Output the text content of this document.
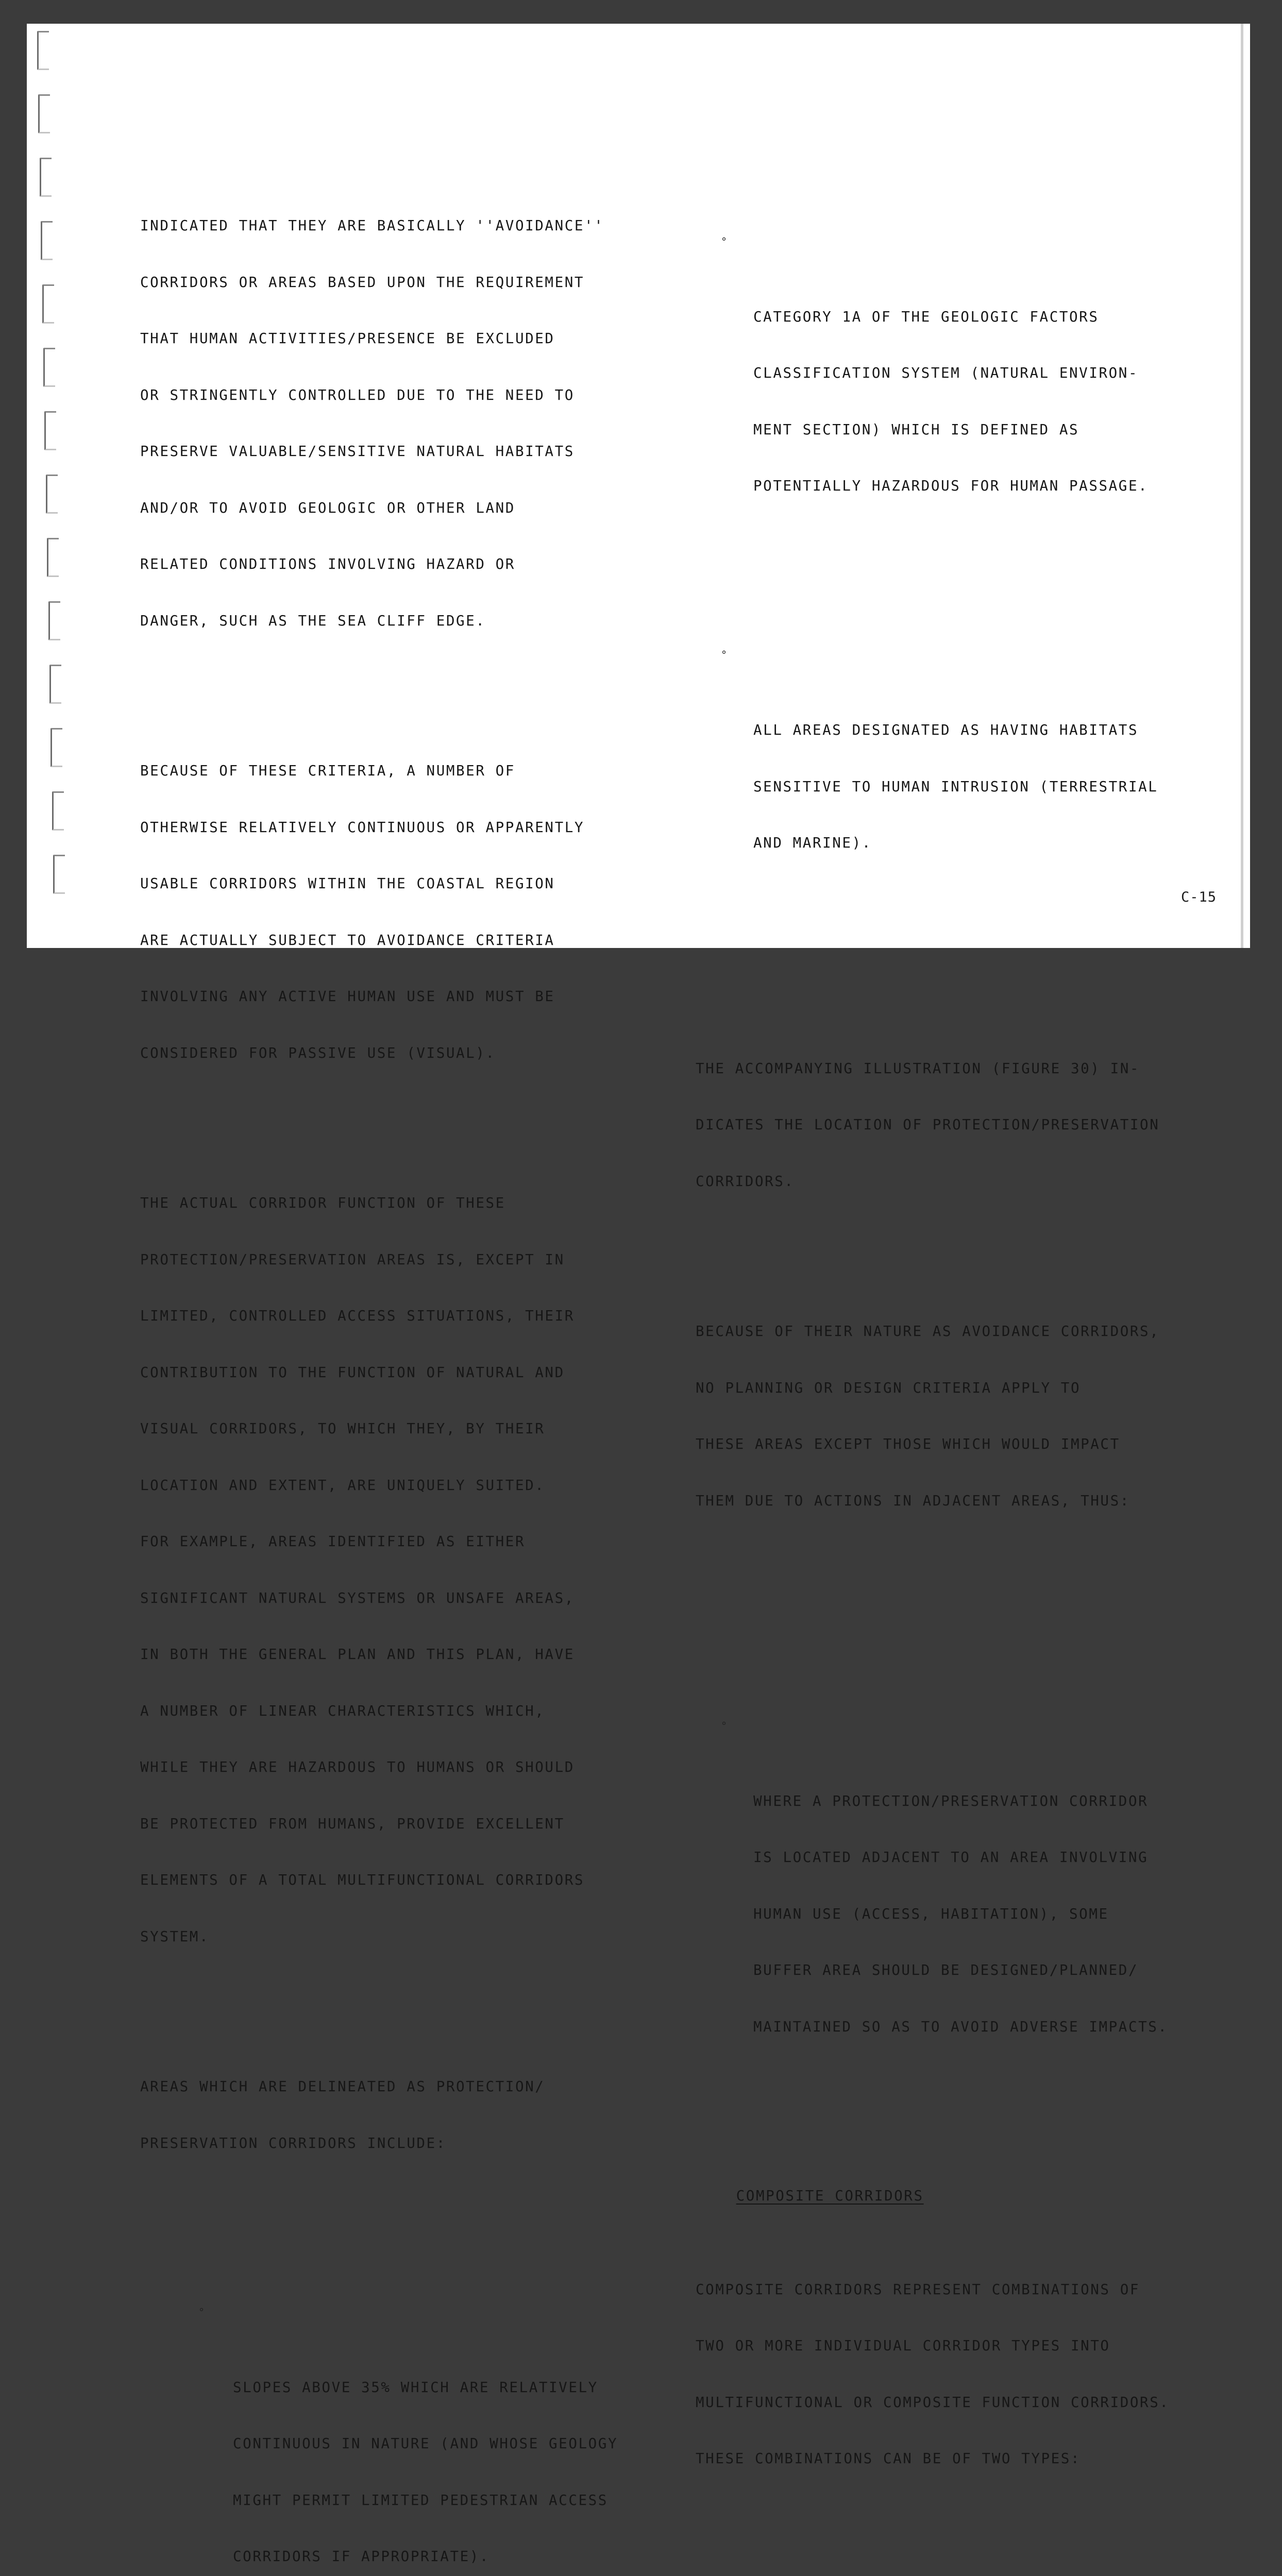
INDICATED THAT THEY ARE BASICALLY ''AVOIDANCE''

CORRIDORS OR AREAS BASED UPON THE REQUIREMENT

THAT HUMAN ACTIVITIES/PRESENCE BE EXCLUDED

OR STRINGENTLY CONTROLLED DUE TO THE NEED TO

PRESERVE VALUABLE/SENSITIVE NATURAL HABITATS

AND/OR TO AVOID GEOLOGIC OR OTHER LAND

RELATED CONDITIONS INVOLVING HAZARD OR

DANGER, SUCH AS THE SEA CLIFF EDGE.

BECAUSE OF THESE CRITERIA, A NUMBER OF

OTHERWISE RELATIVELY CONTINUOUS OR APPARENTLY

USABLE CORRIDORS WITHIN THE COASTAL REGION

ARE ACTUALLY SUBJECT TO AVOIDANCE CRITERIA

INVOLVING ANY ACTIVE HUMAN USE AND MUST BE

CONSIDERED FOR PASSIVE USE (VISUAL).

THE ACTUAL CORRIDOR FUNCTION OF THESE

PROTECTION/PRESERVATION AREAS IS, EXCEPT IN

LIMITED, CONTROLLED ACCESS SITUATIONS, THEIR

CONTRIBUTION TO THE FUNCTION OF NATURAL AND

VISUAL CORRIDORS, TO WHICH THEY, BY THEIR

LOCATION AND EXTENT, ARE UNIQUELY SUITED.

FOR EXAMPLE, AREAS IDENTIFIED AS EITHER

SIGNIFICANT NATURAL SYSTEMS OR UNSAFE AREAS,

IN BOTH THE GENERAL PLAN AND THIS PLAN, HAVE

A NUMBER OF LINEAR CHARACTERISTICS WHICH,

WHILE THEY ARE HAZARDOUS TO HUMANS OR SHOULD

BE PROTECTED FROM HUMANS, PROVIDE EXCELLENT

ELEMENTS OF A TOTAL MULTIFUNCTIONAL CORRIDORS

SYSTEM.

AREAS WHICH ARE DELINEATED AS PROTECTION/

PRESERVATION CORRIDORS INCLUDE:

°

SLOPES ABOVE 35% WHICH ARE RELATIVELY

CONTINUOUS IN NATURE (AND WHOSE GEOLOGY

MIGHT PERMIT LIMITED PEDESTRIAN ACCESS

CORRIDORS IF APPROPRIATE).

°

CATEGORY 1A OF THE GEOLOGIC FACTORS

CLASSIFICATION SYSTEM (NATURAL ENVIRON-

MENT SECTION) WHICH IS DEFINED AS

POTENTIALLY HAZARDOUS FOR HUMAN PASSAGE.

°

ALL AREAS DESIGNATED AS HAVING HABITATS

SENSITIVE TO HUMAN INTRUSION (TERRESTRIAL

AND MARINE).

THE ACCOMPANYING ILLUSTRATION (FIGURE 30) IN-

DICATES THE LOCATION OF PROTECTION/PRESERVATION

CORRIDORS.

BECAUSE OF THEIR NATURE AS AVOIDANCE CORRIDORS,

NO PLANNING OR DESIGN CRITERIA APPLY TO

THESE AREAS EXCEPT THOSE WHICH WOULD IMPACT

THEM DUE TO ACTIONS IN ADJACENT AREAS, THUS:

°

WHERE A PROTECTION/PRESERVATION CORRIDOR

IS LOCATED ADJACENT TO AN AREA INVOLVING

HUMAN USE (ACCESS, HABITATION), SOME

BUFFER AREA SHOULD BE DESIGNED/PLANNED/

MAINTAINED SO AS TO AVOID ADVERSE IMPACTS.

COMPOSITE CORRIDORS

COMPOSITE CORRIDORS REPRESENT COMBINATIONS OF

TWO OR MORE INDIVIDUAL CORRIDOR TYPES INTO

MULTIFUNCTIONAL OR COMPOSITE FUNCTION CORRIDORS.

THESE COMBINATIONS CAN BE OF TWO TYPES:

C-15
